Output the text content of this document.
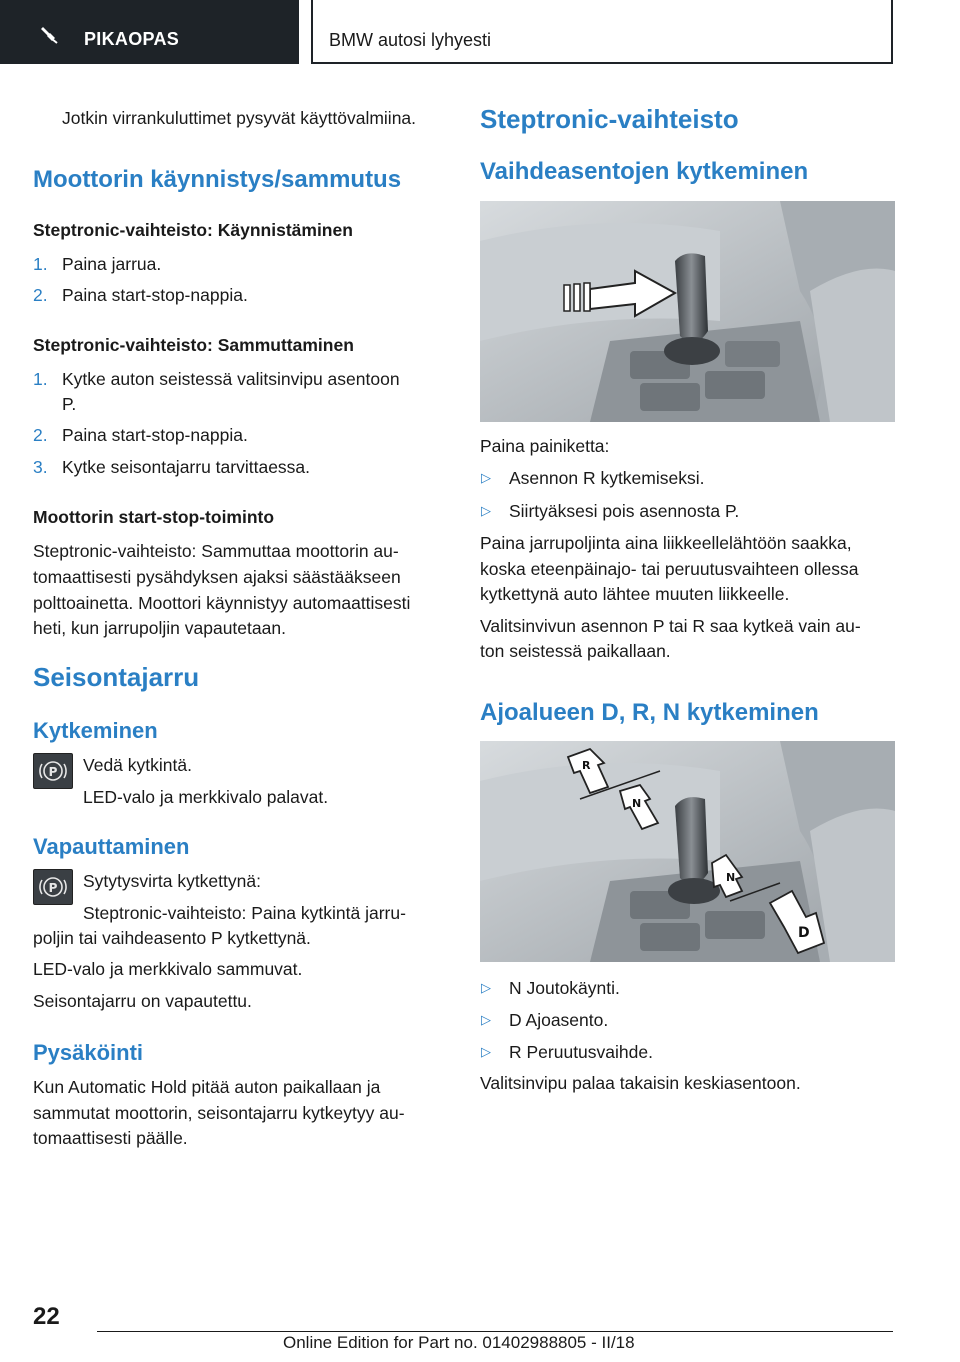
PIKAOPAS	BMW autosi lyhyesti
Jotkin virrankuluttimet pysyvät käyttövalmiina.
Moottorin käynnistys/sammutus
Steptronic-vaihteisto: Käynnistäminen
1. Paina jarrua.
2. Paina start-stop-nappia.
Steptronic-vaihteisto: Sammuttaminen
1. Kytke auton seistessä valitsinvipu asentoon
P.
2. Paina start-stop-nappia.
3. Kytke seisontajarru tarvittaessa.
Moottorin start-stop-toiminto
Steptronic-vaihteisto: Sammuttaa moottorin au‐
tomaattisesti pysähdyksen ajaksi säästääkseen
polttoainetta. Moottori käynnistyy automaattisesti
heti, kun jarrupoljin vapautetaan.
Seisontajarru
Kytkeminen
P Vedä kytkintä.
LED-valo ja merkkivalo palavat.
Vapauttaminen
P Sytytysvirta kytkettynä:
Steptronic-vaihteisto: Paina kytkintä jarru‐
poljin tai vaihdeasento P kytkettynä.
LED-valo ja merkkivalo sammuvat.
Seisontajarru on vapautettu.
Pysäköinti
Kun Automatic Hold pitää auton paikallaan ja
sammutat moottorin, seisontajarru kytkeytyy au‐
tomaattisesti päälle.
Steptronic-vaihteisto
Vaihdeasentojen kytkeminen
Paina painiketta:
▷ Asennon R kytkemiseksi.
▷ Siirtyäksesi pois asennosta P.
Paina jarrupoljinta aina liikkeellelähtöön saakka,
koska eteenpäinajo- tai peruutusvaihteen ollessa
kytkettynä auto lähtee muuten liikkeelle.
Valitsinvivun asennon P tai R saa kytkeä vain au‐
ton seistessä paikallaan.
Ajoalueen D, R, N kytkeminen
R
N
N
D
▷ N Joutokäynti.
▷ D Ajoasento.
▷ R Peruutusvaihde.
Valitsinvipu palaa takaisin keskiasentoon.
22
Online Edition for Part no. 01402988805 - II/18
